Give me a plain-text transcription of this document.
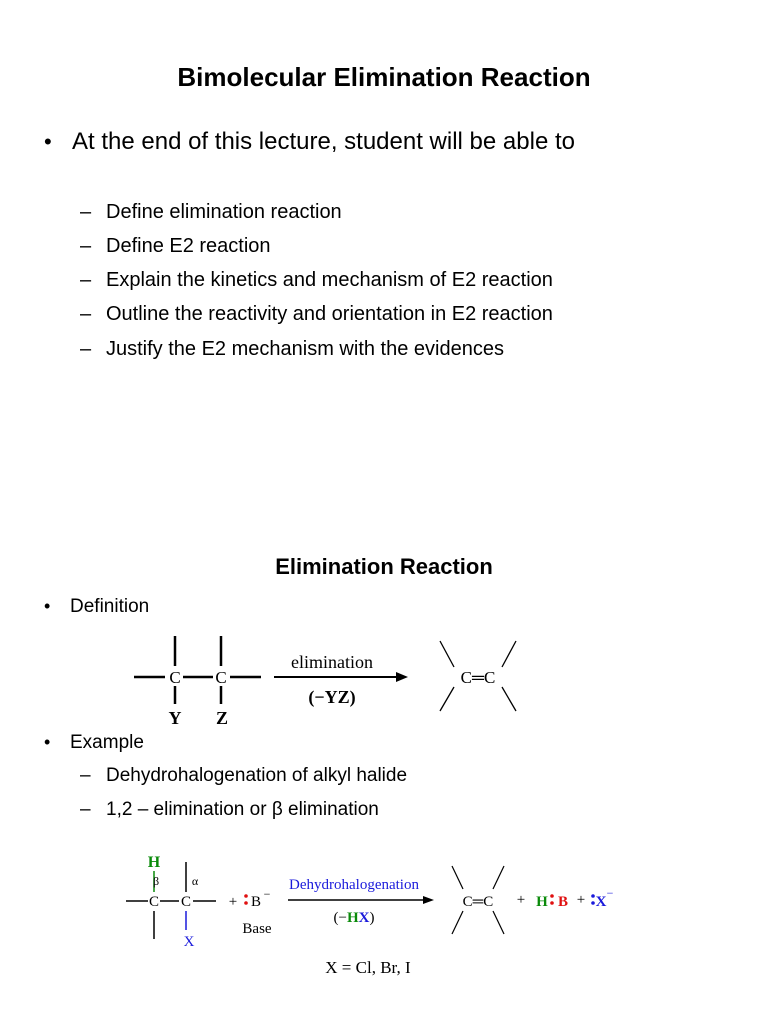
Bimolecular Elimination Reaction
• At the end of this lecture, student will be able to
– Define elimination reaction
– Define E2 reaction
– Explain the kinetics and mechanism of E2 reaction
– Outline the reactivity and orientation in E2 reaction
– Justify the E2 mechanism with the evidences
Elimination Reaction
•	Definition
C C
Y Z
elimination
(−YZ)
C═C
•	Example
– Dehydrohalogenation of alkyl halide
– 1,2 – elimination or β elimination
H
β	α
C C
X
+ B −
Base
Dehydrohalogenation
(−HX)
C═C + H B + X
−
X = Cl, Br, I
